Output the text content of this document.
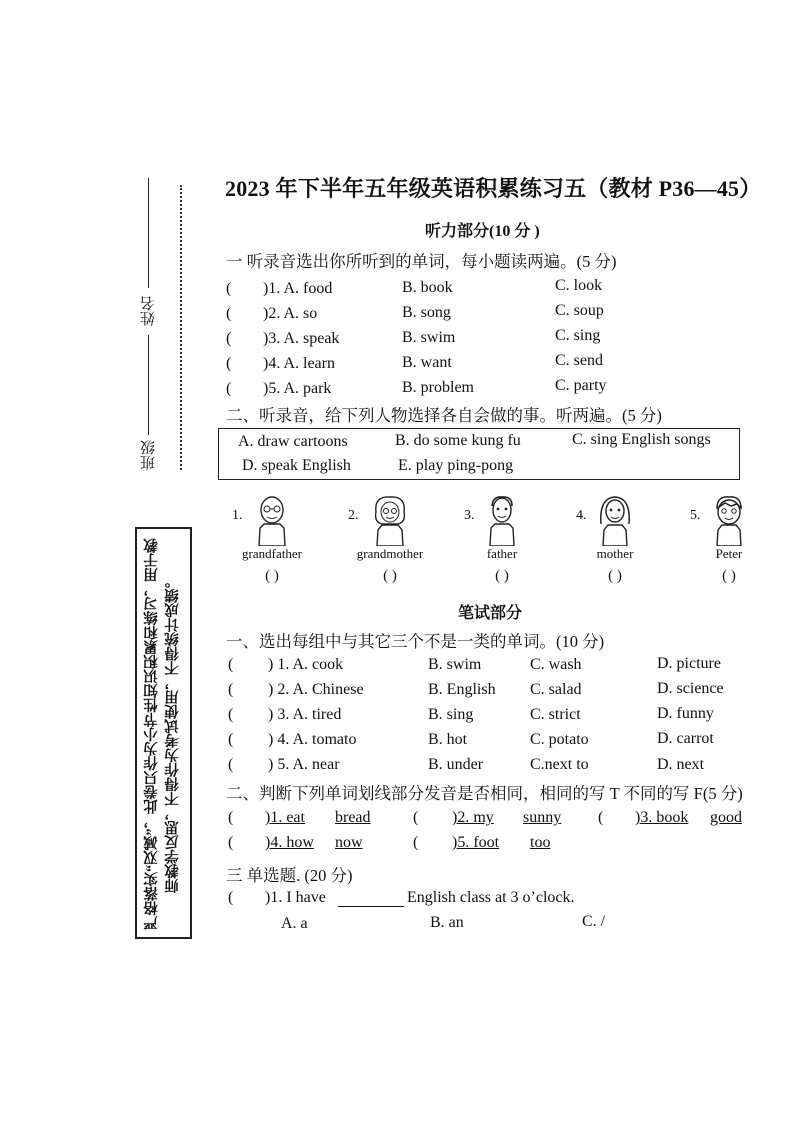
姓名
班级
严格落实“双减”，此卷只作为小节性知识积累和练习，用于教师教学反思，不得作为考试使用，不得统计成绩。
2023 年下半年五年级英语积累练习五（教材 P36—45）
听力部分(10 分 )
一 听录音选出你所听到的单词，每小题读两遍。(5 分)
( )1. A. food	B. book	C. look
( )2. A. so	B. song	C. soup
( )3. A. speak	B. swim	C. sing
( )4. A. learn	B. want	C. send
( )5. A. park	B. problem	C. party
二、听录音，给下列人物选择各自会做的事。听两遍。(5 分)
A. draw cartoons	B. do some kung fu	C. sing English songs
D. speak English	E. play ping-pong
1.
grandfather
( )
2.
grandmother
( )
3.
father
( )
4.
mother
( )
5.
Peter
( )
笔试部分
一、选出每组中与其它三个不是一类的单词。(10 分)
( ) 1. A. cook	B. swim	C. wash	D. picture
( ) 2. A. Chinese	B. English C. salad	D. science
( ) 3. A. tired	B. sing	C. strict	D. funny
( ) 4. A. tomato	B. hot	C. potato	D. carrot
( ) 5. A. near	B. under	C.next to	D. next
二、判断下列单词划线部分发音是否相同，相同的写 T 不同的写 F(5 分)
( )1. eat bread	( )2. my sunny ( )3. book good
( )4. how now	( )5. foot too
三 单选题. (20 分)
( )1. I have	English class at 3 o’clock.
A. a	B. an	C. /
